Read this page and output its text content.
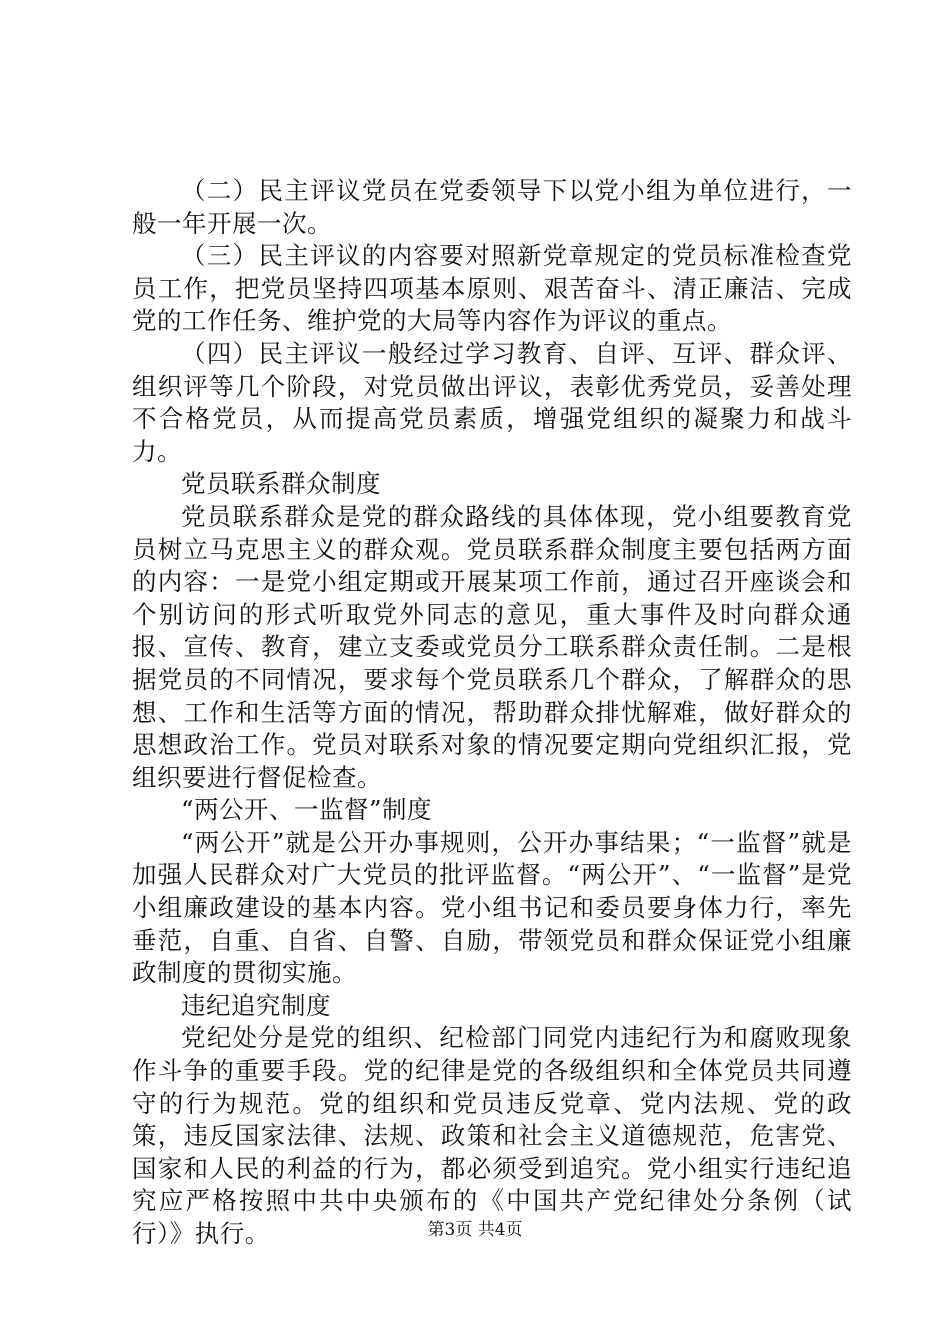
（二）民主评议党员在党委领导下以党小组为单位进行，一般一年开展一次。

（三）民主评议的内容要对照新党章规定的党员标准检查党员工作，把党员坚持四项基本原则、艰苦奋斗、清正廉洁、完成党的工作任务、维护党的大局等内容作为评议的重点。

（四）民主评议一般经过学习教育、自评、互评、群众评、组织评等几个阶段，对党员做出评议，表彰优秀党员，妥善处理不合格党员，从而提高党员素质，增强党组织的凝聚力和战斗力。

党员联系群众制度

党员联系群众是党的群众路线的具体体现，党小组要教育党员树立马克思主义的群众观。党员联系群众制度主要包括两方面的内容：一是党小组定期或开展某项工作前，通过召开座谈会和个别访问的形式听取党外同志的意见，重大事件及时向群众通报、宣传、教育，建立支委或党员分工联系群众责任制。二是根据党员的不同情况，要求每个党员联系几个群众，了解群众的思想、工作和生活等方面的情况，帮助群众排忧解难，做好群众的思想政治工作。党员对联系对象的情况要定期向党组织汇报，党组织要进行督促检查。

“两公开、一监督”制度

“两公开”就是公开办事规则，公开办事结果；“一监督”就是加强人民群众对广大党员的批评监督。“两公开”、“一监督”是党小组廉政建设的基本内容。党小组书记和委员要身体力行，率先垂范，自重、自省、自警、自励，带领党员和群众保证党小组廉政制度的贯彻实施。

违纪追究制度

党纪处分是党的组织、纪检部门同党内违纪行为和腐败现象作斗争的重要手段。党的纪律是党的各级组织和全体党员共同遵守的行为规范。党的组织和党员违反党章、党内法规、党的政策，违反国家法律、法规、政策和社会主义道德规范，危害党、国家和人民的利益的行为，都必须受到追究。党小组实行违纪追究应严格按照中共中央颁布的《中国共产党纪律处分条例（试行）》执行。	第3页 共4页
